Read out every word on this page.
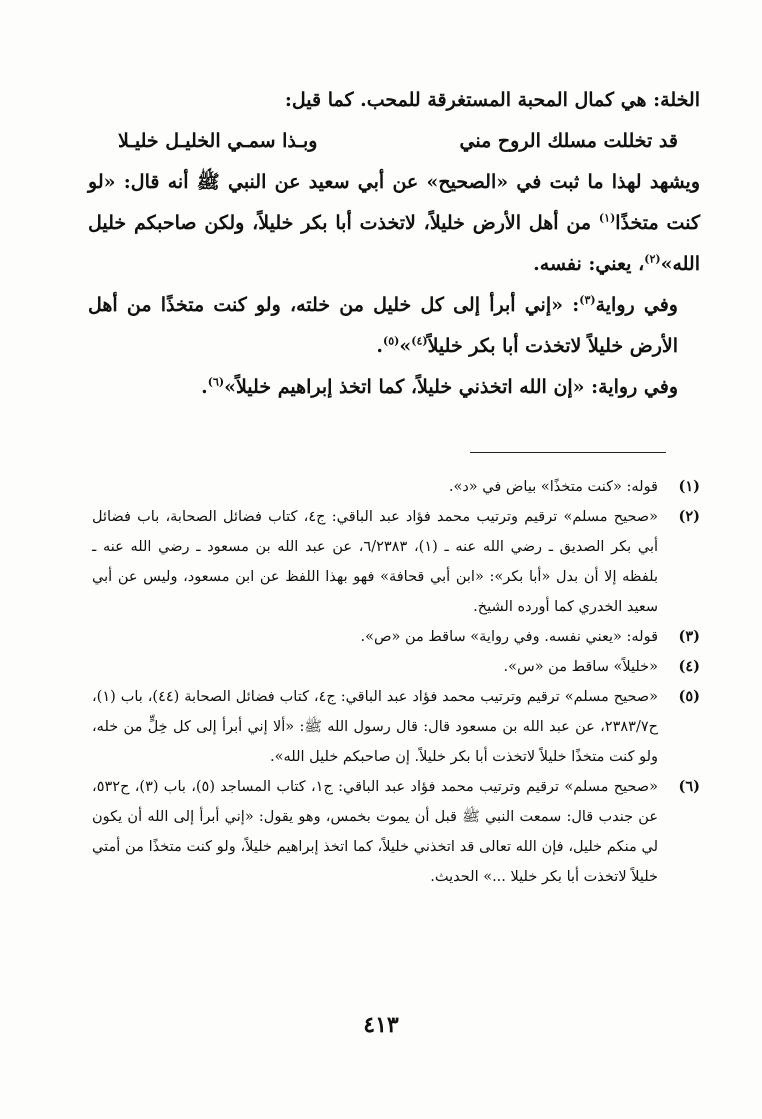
الخلة: هي كمال المحبة المستغرقة للمحب. كما قيل:

قد تخللت مسلك الروح مني
وبـذا سمـي الخليـل خليـلا

ويشهد لهذا ما ثبت في «الصحيح» عن أبي سعيد عن النبي ﷺ أنه قال: «لو كنت متخذًا$^{(١)}$ من أهل الأرض خليلاً، لاتخذت أبا بكر خليلاً، ولكن صاحبكم خليل الله»$^{(٢)}$، يعني: نفسه.

وفي رواية$^{(٣)}$: «إني أبرأ إلى كل خليل من خلته، ولو كنت متخذًا من أهل الأرض خليلاً لاتخذت أبا بكر خليلاً$^{(٤)}$»$^{(٥)}$.

وفي رواية: «إن الله اتخذني خليلاً، كما اتخذ إبراهيم خليلاً»$^{(٦)}$.

(١)
قوله: «كنت متخذًا» بياض في «د».
(٢)
«صحيح مسلم» ترقيم وترتيب محمد فؤاد عبد الباقي: ج٤، كتاب فضائل الصحابة، باب فضائل أبي بكر الصديق ـ رضي الله عنه ـ (١)، ٦/٢٣٨٣، عن عبد الله بن مسعود ـ رضي الله عنه ـ بلفظه إلا أن بدل «أبا بكر»: «ابن أبي قحافة» فهو بهذا اللفظ عن ابن مسعود، وليس عن أبي سعيد الخدري كما أورده الشيخ.
(٣)
قوله: «يعني نفسه. وفي رواية» ساقط من «ص».
(٤)
«خليلاً» ساقط من «س».
(٥)
«صحيح مسلم» ترقيم وترتيب محمد فؤاد عبد الباقي: ج٤، كتاب فضائل الصحابة (٤٤)، باب (١)، ح٢٣٨٣/٧، عن عبد الله بن مسعود قال: قال رسول الله ﷺ: «ألا إني أبرأ إلى كل خِلٍّ من خله، ولو كنت متخذًا خليلاً لاتخذت أبا بكر خليلاً. إن صاحبكم خليل الله».
(٦)
«صحيح مسلم» ترقيم وترتيب محمد فؤاد عبد الباقي: ج١، كتاب المساجد (٥)، باب (٣)، ح٥٣٢، عن جندب قال: سمعت النبي ﷺ قبل أن يموت بخمس، وهو يقول: «إني أبرأ إلى الله أن يكون لي منكم خليل، فإن الله تعالى قد اتخذني خليلاً، كما اتخذ إبراهيم خليلاً، ولو كنت متخذًا من أمتي خليلاً لاتخذت أبا بكر خليلا ...» الحديث.
٤١٣
